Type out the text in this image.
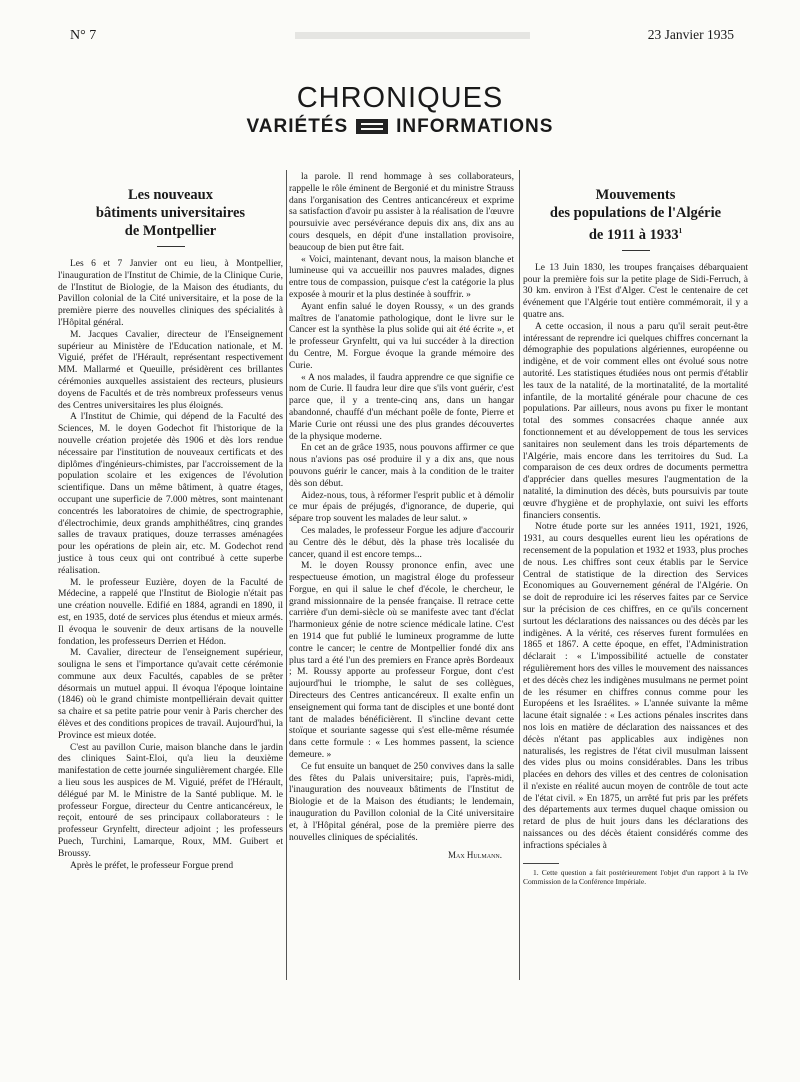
N° 7	23 Janvier 1935
CHRONIQUES
VARIÉTÉS	INFORMATIONS
Les nouveaux
bâtiments universitaires
de Montpellier

Les 6 et 7 Janvier ont eu lieu, à Montpellier, l'inauguration de l'Institut de Chimie, de la Clinique Curie, de l'Institut de Biologie, de la Maison des étudiants, du Pavillon colonial de la Cité universitaire, et la pose de la première pierre des nouvelles cliniques des spécialités à l'Hôpital général.

M. Jacques Cavalier, directeur de l'Enseignement supérieur au Ministère de l'Education nationale, et M. Viguié, préfet de l'Hérault, représentant respectivement MM. Mallarmé et Queuille, présidèrent ces brillantes cérémonies auxquelles assistaient des recteurs, plusieurs doyens de Facultés et de très nombreux professeurs venus des Centres universitaires les plus éloignés.

A l'Institut de Chimie, qui dépend de la Faculté des Sciences, M. le doyen Godechot fit l'historique de la nouvelle création projetée dès 1906 et dès lors rendue nécessaire par l'institution de nouveaux certificats et des diplômes d'ingénieurs-chimistes, par l'accroissement de la population scolaire et les exigences de l'évolution scientifique. Dans un même bâtiment, à quatre étages, occupant une superficie de 7.000 mètres, sont maintenant concentrés les laboratoires de chimie, de spectrographie, d'électrochimie, deux grands amphithéâtres, cinq grandes salles de travaux pratiques, douze terrasses aménagées pour les opérations de plein air, etc. M. Godechot rend justice à tous ceux qui ont contribué à cette superbe réalisation.

M. le professeur Euzière, doyen de la Faculté de Médecine, a rappelé que l'Institut de Biologie n'était pas une création nouvelle. Edifié en 1884, agrandi en 1890, il est, en 1935, doté de services plus étendus et mieux armés. Il évoqua le souvenir de deux artisans de la nouvelle fondation, les professeurs Derrien et Hédon.

M. Cavalier, directeur de l'enseignement supérieur, souligna le sens et l'importance qu'avait cette cérémonie commune aux deux Facultés, capables de se prêter désormais un mutuel appui. Il évoqua l'époque lointaine (1846) où le grand chimiste montpelliérain devait quitter sa chaire et sa petite patrie pour venir à Paris chercher des élèves et des conditions propices de travail. Aujourd'hui, la Province est mieux dotée.

C'est au pavillon Curie, maison blanche dans le jardin des cliniques Saint-Eloi, qu'a lieu la deuxième manifestation de cette journée singulièrement chargée. Elle a lieu sous les auspices de M. Viguié, préfet de l'Hérault, délégué par M. le Ministre de la Santé publique. M. le professeur Forgue, directeur du Centre anticancéreux, le reçoit, entouré de ses principaux collaborateurs : le professeur Grynfeltt, directeur adjoint ; les professeurs Puech, Turchini, Lamarque, Roux, MM. Guibert et Broussy.

Après le préfet, le professeur Forgue prend

la parole. Il rend hommage à ses collaborateurs, rappelle le rôle éminent de Bergonié et du ministre Strauss dans l'organisation des Centres anticancéreux et exprime sa satisfaction d'avoir pu assister à la réalisation de l'œuvre poursuivie avec persévérance depuis dix ans, dix ans au cours desquels, en dépit d'une installation provisoire, beaucoup de bien put être fait.

« Voici, maintenant, devant nous, la maison blanche et lumineuse qui va accueillir nos pauvres malades, dignes entre tous de compassion, puisque c'est la catégorie la plus exposée à mourir et la plus destinée à souffrir. »

Ayant enfin salué le doyen Roussy, « un des grands maîtres de l'anatomie pathologique, dont le livre sur le Cancer est la synthèse la plus solide qui ait été écrite », et le professeur Grynfeltt, qui va lui succéder à la direction du Centre, M. Forgue évoque la grande mémoire des Curie.

« A nos malades, il faudra apprendre ce que signifie ce nom de Curie. Il faudra leur dire que s'ils vont guérir, c'est parce que, il y a trente-cinq ans, dans un hangar abandonné, chauffé d'un méchant poêle de fonte, Pierre et Marie Curie ont réussi une des plus grandes découvertes de la physique moderne.

En cet an de grâce 1935, nous pouvons affirmer ce que nous n'avions pas osé produire il y a dix ans, que nous pouvons guérir le cancer, mais à la condition de le traiter dès son début.

Aidez-nous, tous, à réformer l'esprit public et à démolir ce mur épais de préjugés, d'ignorance, de duperie, qui sépare trop souvent les malades de leur salut. »

Ces malades, le professeur Forgue les adjure d'accourir au Centre dès le début, dès la phase très localisée du cancer, quand il est encore temps...

M. le doyen Roussy prononce enfin, avec une respectueuse émotion, un magistral éloge du professeur Forgue, en qui il salue le chef d'école, le chercheur, le grand missionnaire de la pensée française. Il retrace cette carrière d'un demi-siècle où se manifeste avec tant d'éclat l'harmonieux génie de notre science médicale latine. C'est en 1914 que fut publié le lumineux programme de lutte contre le cancer; le centre de Montpellier fondé dix ans plus tard a été l'un des premiers en France après Bordeaux ; M. Roussy apporte au professeur Forgue, dont c'est aujourd'hui le triomphe, le salut de ses collègues, Directeurs des Centres anticancéreux. Il exalte enfin un enseignement qui forma tant de disciples et une bonté dont tant de malades bénéficièrent. Il s'incline devant cette stoïque et souriante sagesse qui s'est elle-même résumée dans cette formule : « Les hommes passent, la science demeure. »

Ce fut ensuite un banquet de 250 convives dans la salle des fêtes du Palais universitaire; puis, l'après-midi, l'inauguration des nouveaux bâtiments de l'Institut de Biologie et de la Maison des étudiants; le lendemain, inauguration du Pavillon colonial de la Cité universitaire et, à l'Hôpital général, pose de la première pierre des nouvelles cliniques de spécialités.

Max Hulmann.
Mouvements
des populations de l'Algérie
de 1911 à 1933$^1$

Le 13 Juin 1830, les troupes françaises débarquaient pour la première fois sur la petite plage de Sidi-Ferruch, à 30 km. environ à l'Est d'Alger. C'est le centenaire de cet événement que l'Algérie tout entière commémorait, il y a quatre ans.

A cette occasion, il nous a paru qu'il serait peut-être intéressant de reprendre ici quelques chiffres concernant la démographie des populations algériennes, européenne ou indigène, et de voir comment elles ont évolué sous notre autorité. Les statistiques étudiées nous ont permis d'établir les taux de la natalité, de la mortinatalité, de la mortalité infantile, de la mortalité générale pour chacune de ces populations. Par ailleurs, nous avons pu fixer le montant total des sommes consacrées chaque année aux fonctionnement et au développement de tous les services sanitaires non seulement dans les trois départements de l'Algérie, mais encore dans les territoires du Sud. La comparaison de ces deux ordres de documents permettra d'apprécier dans quelles mesures l'augmentation de la natalité, la diminution des décès, buts poursuivis par toute œuvre d'hygiène et de prophylaxie, ont suivi les efforts financiers consentis.

Notre étude porte sur les années 1911, 1921, 1926, 1931, au cours desquelles eurent lieu les opérations de recensement de la population et 1932 et 1933, plus proches de nous. Les chiffres sont ceux établis par le Service Central de statistique de la direction des Services Economiques au Gouvernement général de l'Algérie. On se doit de reproduire ici les réserves faites par ce Service sur la précision de ces chiffres, en ce qu'ils concernent surtout les déclarations des naissances ou des décès par les indigènes. A la vérité, ces réserves furent formulées en 1865 et 1867. A cette époque, en effet, l'Administration déclarait : « L'impossibilité actuelle de constater régulièrement hors des villes le mouvement des naissances et des décès chez les indigènes musulmans ne permet point de les résumer en chiffres connus comme pour les Européens et les Israélites. » L'année suivante la même lacune était signalée : « Les actions pénales inscrites dans nos lois en matière de déclaration des naissances et des décès n'étant pas applicables aux indigènes non naturalisés, les registres de l'état civil musulman laissent des vides plus ou moins considérables. Dans les tribus placées en dehors des villes et des centres de colonisation il n'existe en réalité aucun moyen de contrôle de tout acte de l'état civil. » En 1875, un arrêté fut pris par les préfets des départements aux termes duquel chaque omission ou retard de plus de huit jours dans les déclarations des naissances ou des décès étaient considérés comme des infractions spéciales à

1. Cette question a fait postérieurement l'objet d'un rapport à la IVe Commission de la Conférence Impériale.
